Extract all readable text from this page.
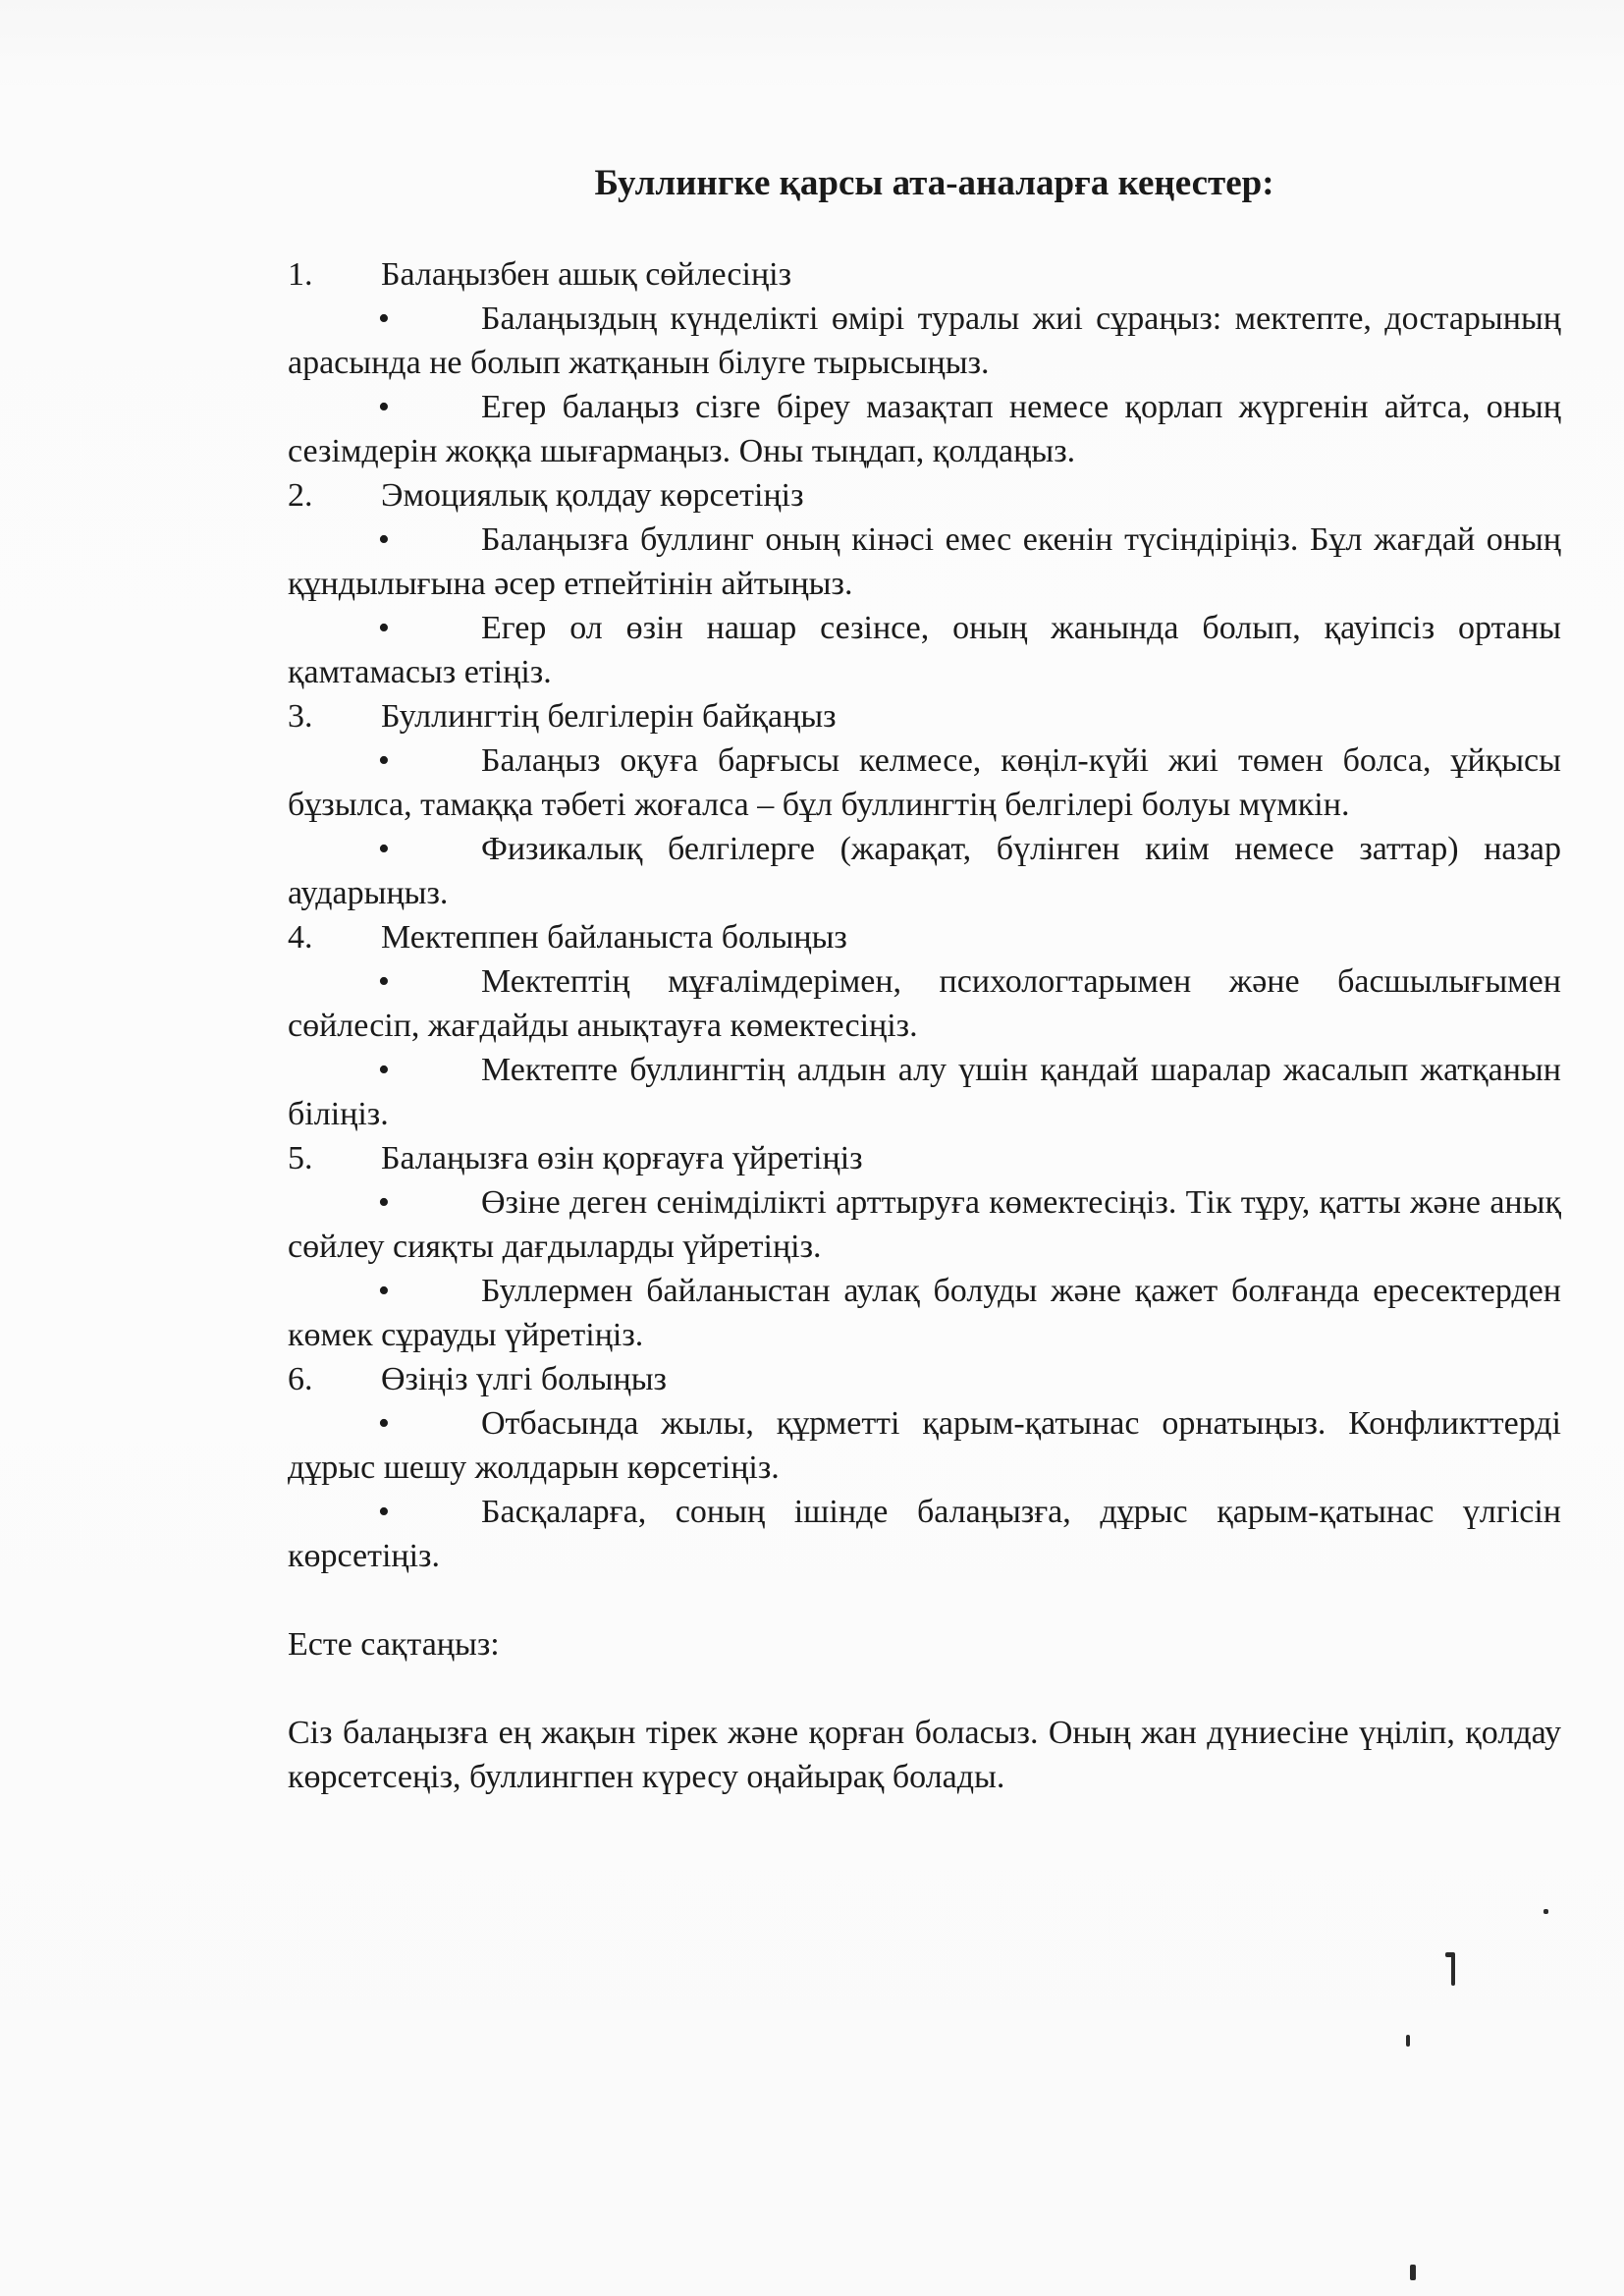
Буллингке қарсы ата-аналарға кеңестер:
1.	Балаңызбен ашық сөйлесіңіз
•	Балаңыздың күнделікті өмірі туралы жиі сұраңыз: мектепте, достарының арасында не болып жатқанын білуге тырысыңыз.
•	Егер балаңыз сізге біреу мазақтап немесе қорлап жүргенін айтса, оның сезімдерін жоққа шығармаңыз. Оны тыңдап, қолдаңыз.
2.	Эмоциялық қолдау көрсетіңіз
•	Балаңызға буллинг оның кінәсі емес екенін түсіндіріңіз. Бұл жағдай оның құндылығына әсер етпейтінін айтыңыз.
•	Егер ол өзін нашар сезінсе, оның жанында болып, қауіпсіз ортаны қамтамасыз етіңіз.
3.	Буллингтің белгілерін байқаңыз
•	Балаңыз оқуға барғысы келмесе, көңіл-күйі жиі төмен болса, ұйқысы бұзылса, тамаққа тәбеті жоғалса – бұл буллингтің белгілері болуы мүмкін.
•	Физикалық белгілерге (жарақат, бүлінген киім немесе заттар) назар аударыңыз.
4.	Мектеппен байланыста болыңыз
•	Мектептің мұғалімдерімен, психологтарымен және басшылығымен сөйлесіп, жағдайды анықтауға көмектесіңіз.
•	Мектепте буллингтің алдын алу үшін қандай шаралар жасалып жатқанын біліңіз.
5.	Балаңызға өзін қорғауға үйретіңіз
•	Өзіне деген сенімділікті арттыруға көмектесіңіз. Тік тұру, қатты және анық сөйлеу сияқты дағдыларды үйретіңіз.
•	Буллермен байланыстан аулақ болуды және қажет болғанда ересектерден көмек сұрауды үйретіңіз.
6.	Өзіңіз үлгі болыңыз
•	Отбасында жылы, құрметті қарым-қатынас орнатыңыз. Конфликттерді дұрыс шешу жолдарын көрсетіңіз.
•	Басқаларға, соның ішінде балаңызға, дұрыс қарым-қатынас үлгісін көрсетіңіз.
Есте сақтаңыз:
Сіз балаңызға ең жақын тірек және қорған боласыз. Оның жан дүниесіне үңіліп, қолдау көрсетсеңіз, буллингпен күресу оңайырақ болады.
